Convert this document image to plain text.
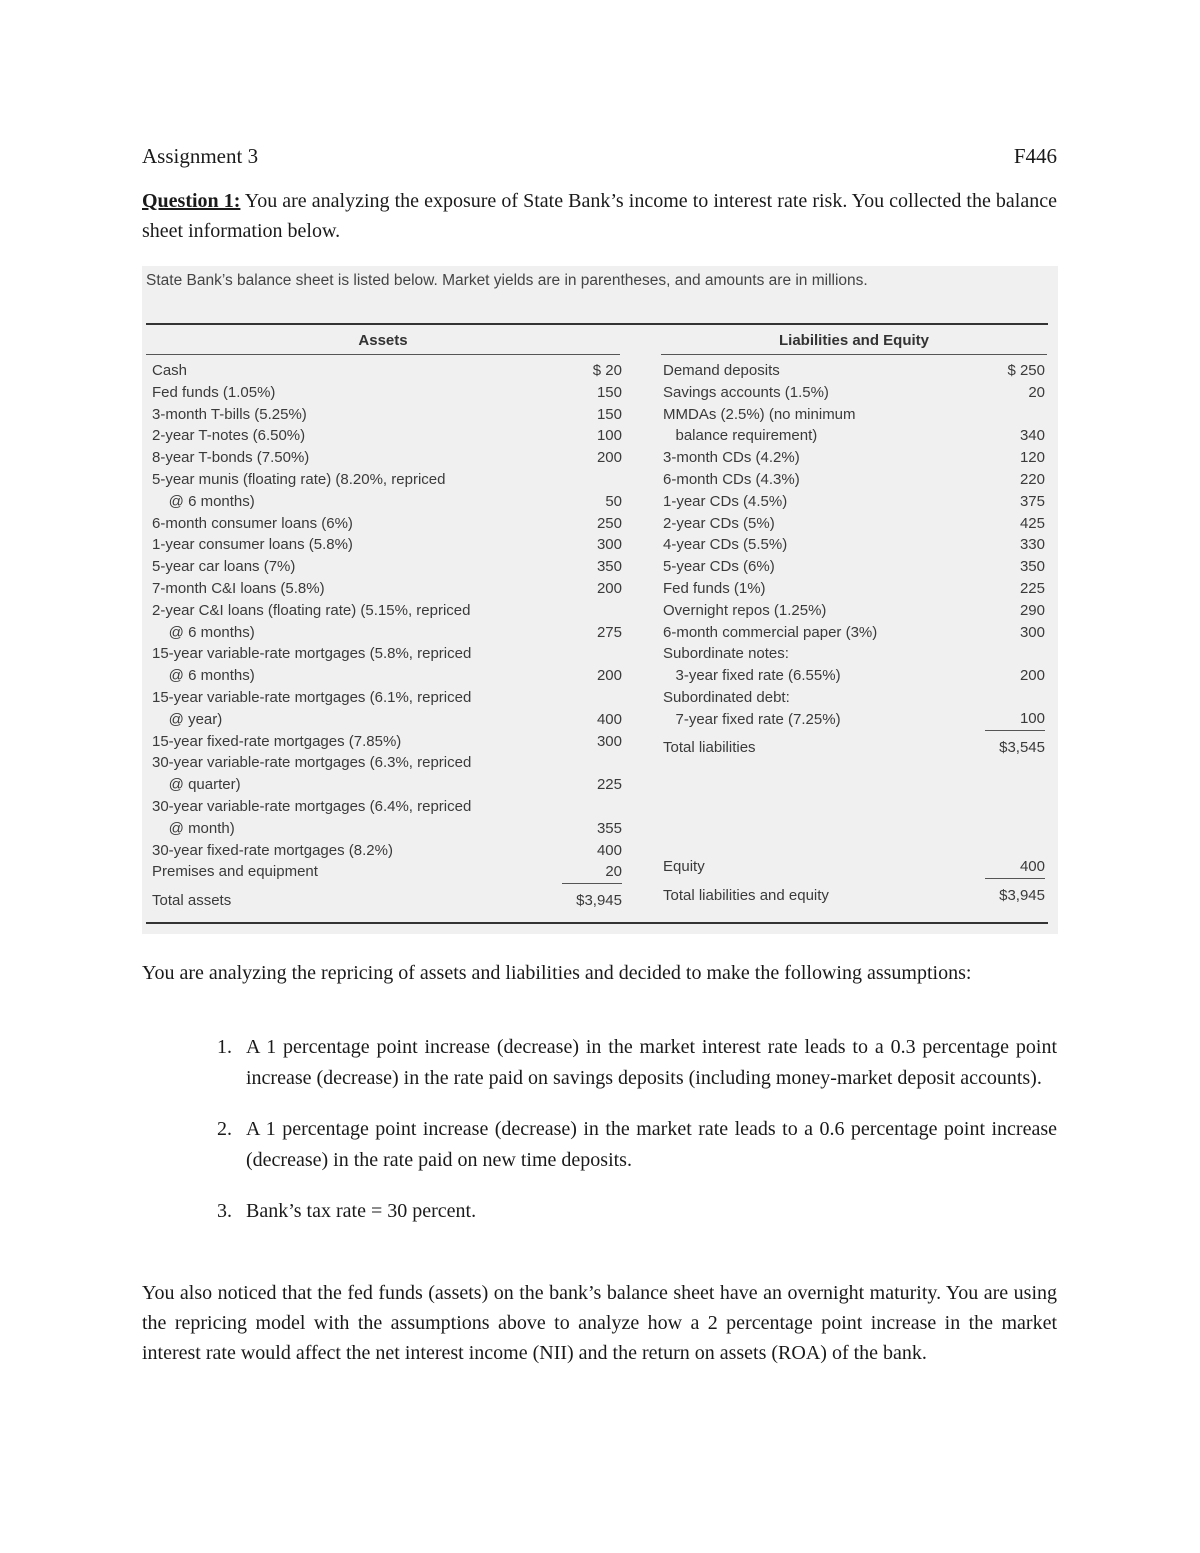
Assignment 3	F446
Question 1: You are analyzing the exposure of State Bank’s income to interest rate risk. You collected the balance sheet information below.
State Bank’s balance sheet is listed below. Market yields are in parentheses, and amounts are in millions.
Assets	Liabilities and Equity
Cash	$ 20
Fed funds (1.05%)	150
3-month T-bills (5.25%)	150
2-year T-notes (6.50%)	100
8-year T-bonds (7.50%)	200
5-year munis (floating rate) (8.20%, repriced
@ 6 months)	50
6-month consumer loans (6%)	250
1-year consumer loans (5.8%)	300
5-year car loans (7%)	350
7-month C&I loans (5.8%)	200
2-year C&I loans (floating rate) (5.15%, repriced
@ 6 months)	275
15-year variable-rate mortgages (5.8%, repriced
@ 6 months)	200
15-year variable-rate mortgages (6.1%, repriced
@ year)	400
15-year fixed-rate mortgages (7.85%)	300
30-year variable-rate mortgages (6.3%, repriced
@ quarter)	225
30-year variable-rate mortgages (6.4%, repriced
@ month)	355
30-year fixed-rate mortgages (8.2%)	400
Premises and equipment	20
Total assets	$3,945
Demand deposits	$ 250
Savings accounts (1.5%)	20
MMDAs (2.5%) (no minimum
balance requirement)	340
3-month CDs (4.2%)	120
6-month CDs (4.3%)	220
1-year CDs (4.5%)	375
2-year CDs (5%)	425
4-year CDs (5.5%)	330
5-year CDs (6%)	350
Fed funds (1%)	225
Overnight repos (1.25%)	290
6-month commercial paper (3%)	300
Subordinate notes:
3-year fixed rate (6.55%)	200
Subordinated debt:
7-year fixed rate (7.25%)	100
Total liabilities	$3,545
Equity	400
Total liabilities and equity	$3,945
You are analyzing the repricing of assets and liabilities and decided to make the following assumptions:
1. A 1 percentage point increase (decrease) in the market interest rate leads to a 0.3 percentage point increase (decrease) in the rate paid on savings deposits (including money-market deposit accounts).
2. A 1 percentage point increase (decrease) in the market rate leads to a 0.6 percentage point increase (decrease) in the rate paid on new time deposits.
3. Bank’s tax rate = 30 percent.
You also noticed that the fed funds (assets) on the bank’s balance sheet have an overnight maturity. You are using the repricing model with the assumptions above to analyze how a 2 percentage point increase in the market interest rate would affect the net interest income (NII) and the return on assets (ROA) of the bank.
